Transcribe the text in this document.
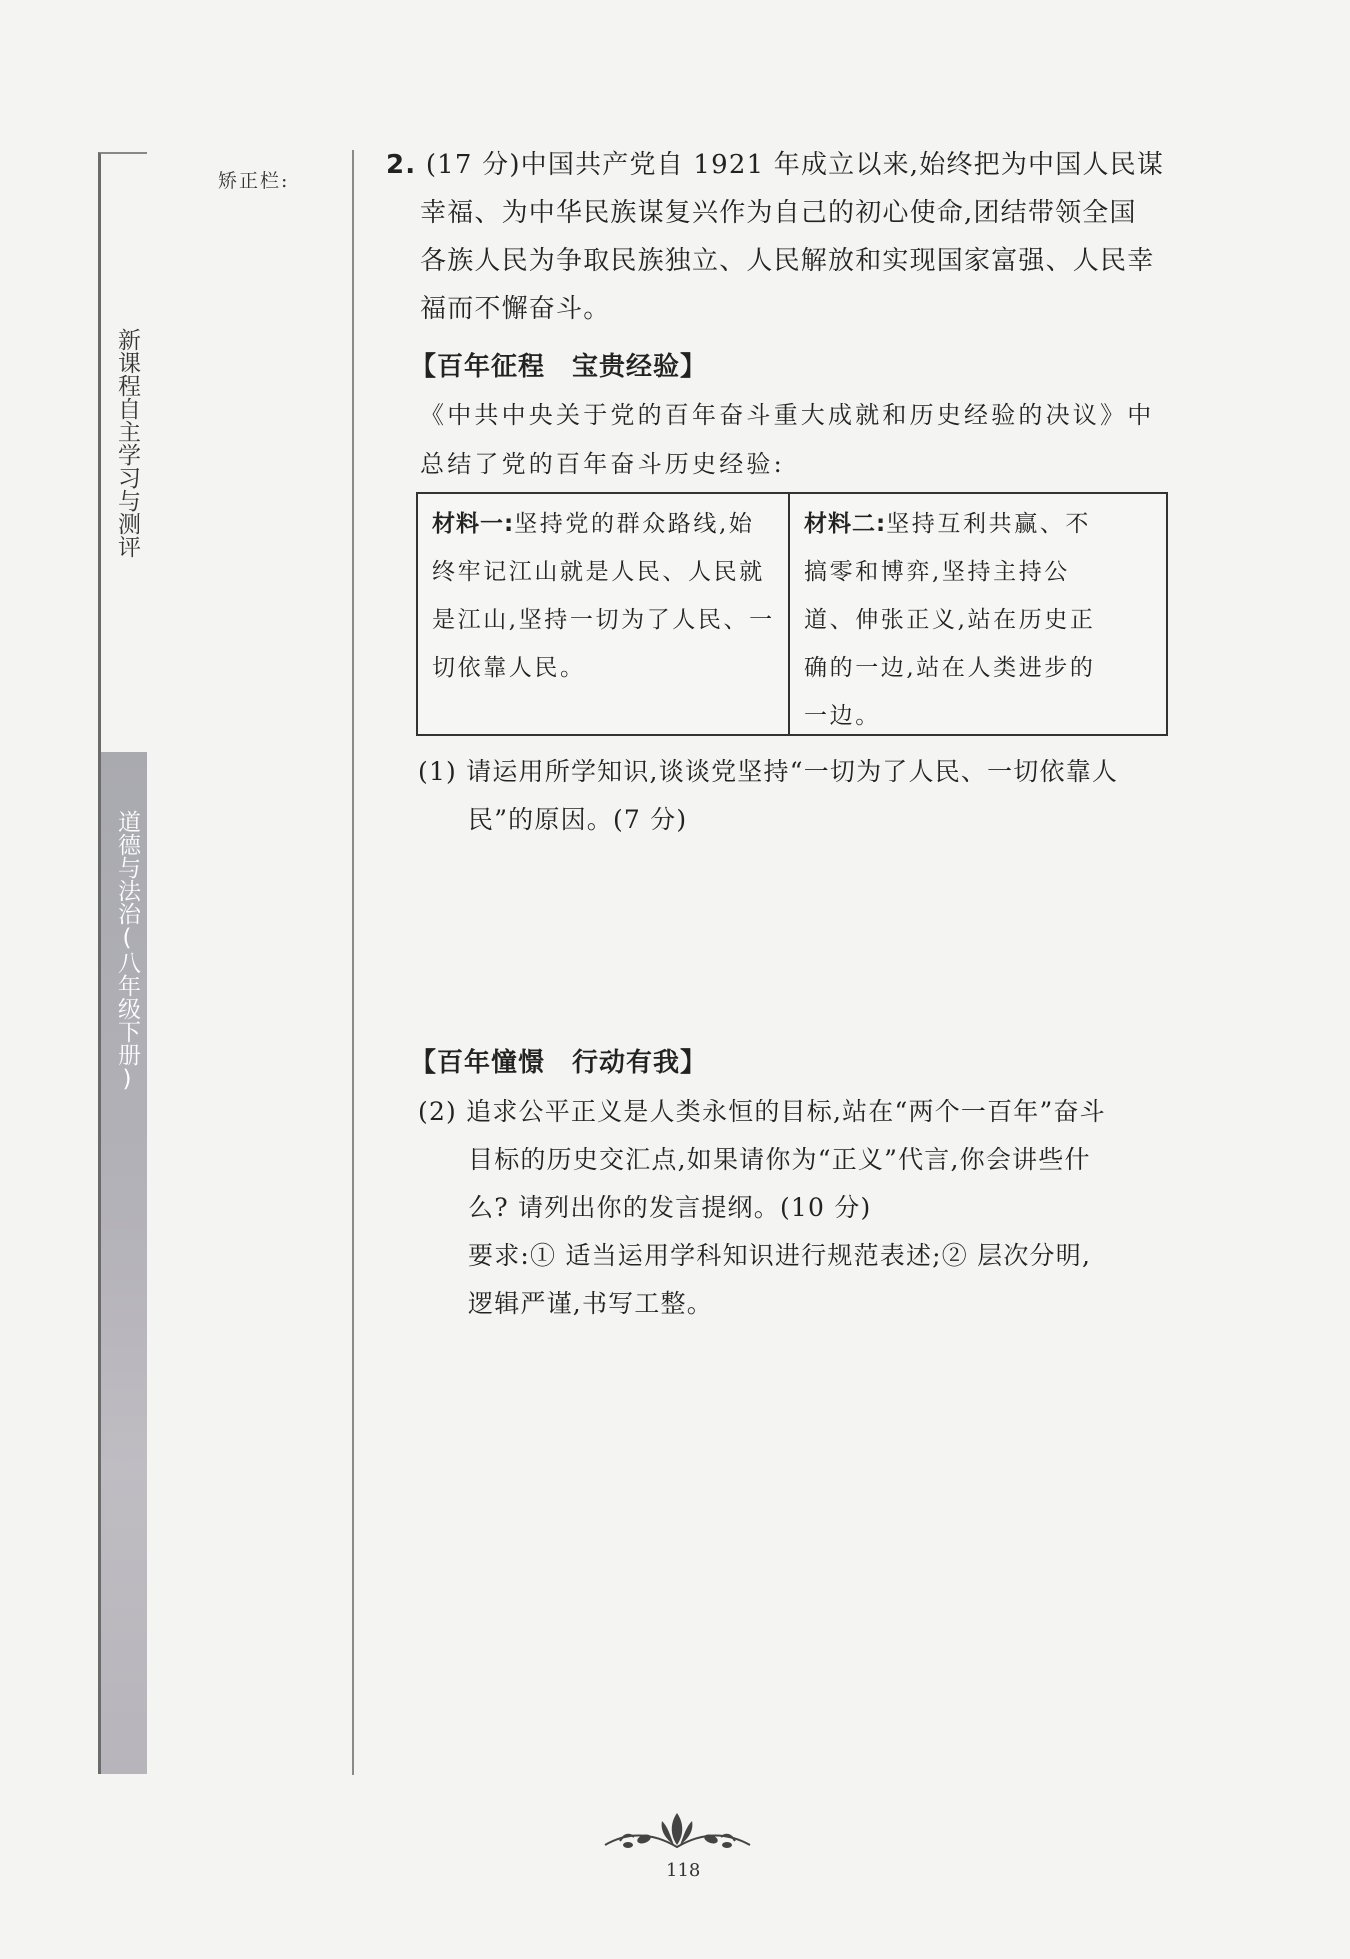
新课程自主学习与测评
道德与法治(八年级下册)
矫正栏:
2. (17 分)中国共产党自 1921 年成立以来,始终把为中国人民谋
幸福、为中华民族谋复兴作为自己的初心使命,团结带领全国
各族人民为争取民族独立、人民解放和实现国家富强、人民幸
福而不懈奋斗。
【百年征程　宝贵经验】
《中共中央关于党的百年奋斗重大成就和历史经验的决议》中
总结了党的百年奋斗历史经验:
材料一:坚持党的群众路线,始
终牢记江山就是人民、人民就
是江山,坚持一切为了人民、一
切依靠人民。
材料二:坚持互利共赢、不
搞零和博弈,坚持主持公
道、伸张正义,站在历史正
确的一边,站在人类进步的
一边。
(1) 请运用所学知识,谈谈党坚持“一切为了人民、一切依靠人
民”的原因。(7 分)
【百年憧憬　行动有我】
(2) 追求公平正义是人类永恒的目标,站在“两个一百年”奋斗
目标的历史交汇点,如果请你为“正义”代言,你会讲些什
么? 请列出你的发言提纲。(10 分)
要求:① 适当运用学科知识进行规范表述;② 层次分明,
逻辑严谨,书写工整。
118
